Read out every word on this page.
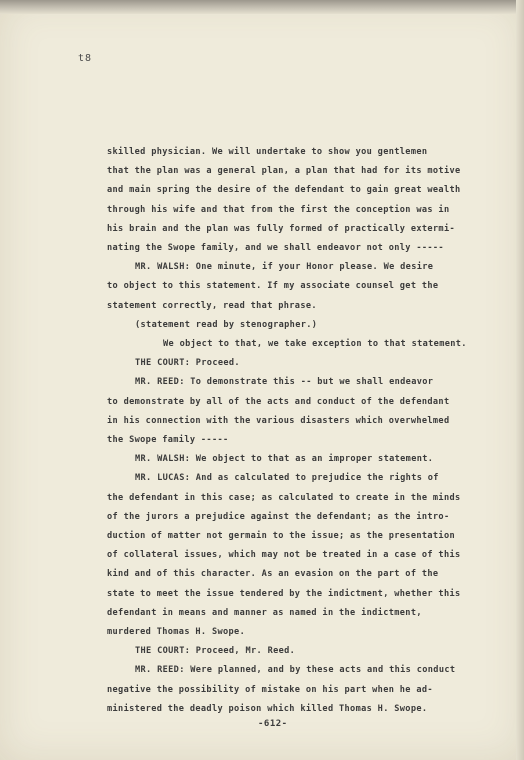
t8
skilled physician. We will undertake to show you gentlemen
that the plan was a general plan, a plan that had for its motive
and main spring the desire of the defendant to gain great wealth
through his wife and that from the first the conception was in
his brain and the plan was fully formed of practically extermi-
nating the Swope family, and we shall endeavor not only -----
MR. WALSH: One minute, if your Honor please. We desire
to object to this statement. If my associate counsel get the
statement correctly, read that phrase.
(statement read by stenographer.)
We object to that, we take exception to that statement.
THE COURT: Proceed.
MR. REED: To demonstrate this -- but we shall endeavor
to demonstrate by all of the acts and conduct of the defendant
in his connection with the various disasters which overwhelmed
the Swope family -----
MR. WALSH: We object to that as an improper statement.
MR. LUCAS: And as calculated to prejudice the rights of
the defendant in this case; as calculated to create in the minds
of the jurors a prejudice against the defendant; as the intro-
duction of matter not germain to the issue; as the presentation
of collateral issues, which may not be treated in a case of this
kind and of this character. As an evasion on the part of the
state to meet the issue tendered by the indictment, whether this
defendant in means and manner as named in the indictment,
murdered Thomas H. Swope.
THE COURT: Proceed, Mr. Reed.
MR. REED: Were planned, and by these acts and this conduct
negative the possibility of mistake on his part when he ad-
-612-
ministered the deadly poison which killed Thomas H. Swope.
